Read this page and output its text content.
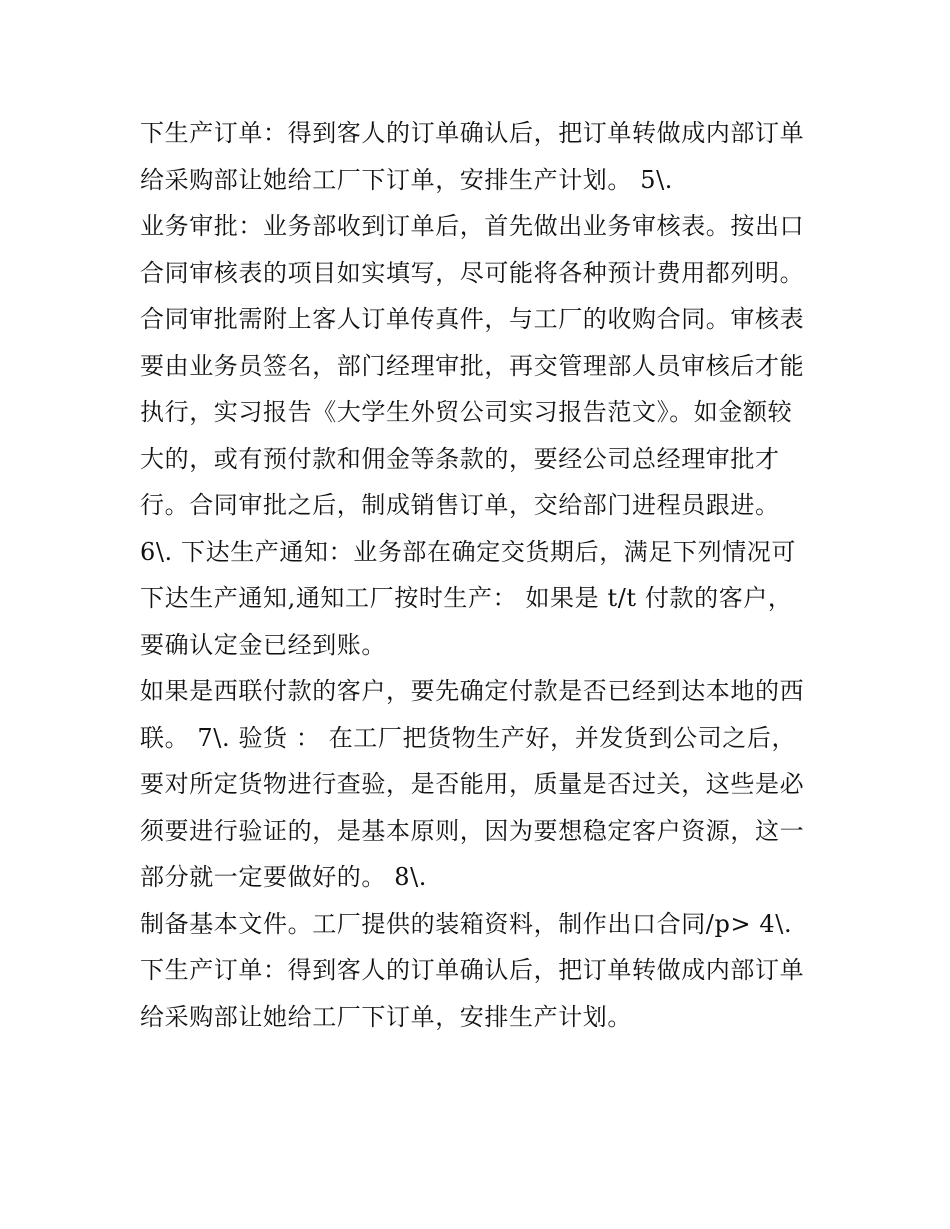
下生产订单：得到客人的订单确认后，把订单转做成内部订单
给采购部让她给工厂下订单，安排生产计划。 5\.
业务审批：业务部收到订单后，首先做出业务审核表。按出口
合同审核表的项目如实填写，尽可能将各种预计费用都列明。
合同审批需附上客人订单传真件，与工厂的收购合同。审核表
要由业务员签名，部门经理审批，再交管理部人员审核后才能
执行，实习报告《大学生外贸公司实习报告范文》。如金额较
大的，或有预付款和佣金等条款的，要经公司总经理审批才
行。合同审批之后，制成销售订单，交给部门进程员跟进。
6\. 下达生产通知：业务部在确定交货期后，满足下列情况可
下达生产通知,通知工厂按时生产： 如果是 t/t 付款的客户，
要确认定金已经到账。
如果是西联付款的客户，要先确定付款是否已经到达本地的西
联。 7\. 验货 ： 在工厂把货物生产好，并发货到公司之后，
要对所定货物进行查验，是否能用，质量是否过关，这些是必
须要进行验证的，是基本原则，因为要想稳定客户资源，这一
部分就一定要做好的。 8\.
制备基本文件。工厂提供的装箱资料，制作出口合同/p> 4\.
下生产订单：得到客人的订单确认后，把订单转做成内部订单
给采购部让她给工厂下订单，安排生产计划。
